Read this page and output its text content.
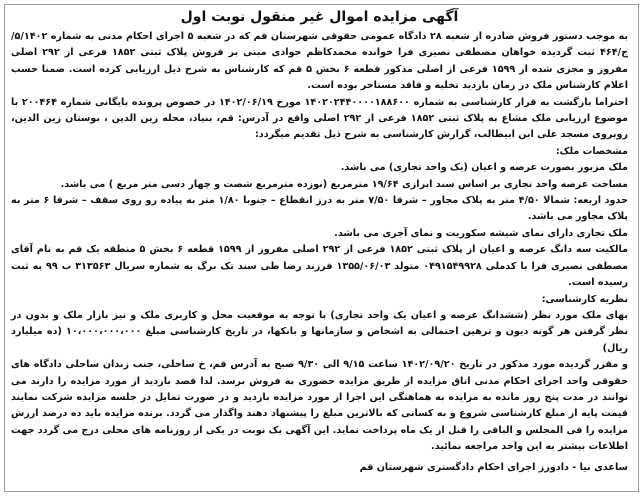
آگهی مزایده اموال غیر منقول نوبت اول

به موجب دستور فروش صادره از شعبه ۲۸ دادگاه عمومی حقوقی شهرستان قم که در شعبه ۵ اجرای احکام مدنی به شماره ۵/۱۴۰۲/ج/۴۶۴ ثبت گردیده خواهان مصطفی نصیری فرا خوانده محمدکاظم جوادی مبنی بر فروش پلاک ثبتی ۱۸۵۲ فرعی از ۲۹۲ اصلی مفروز و مجزی شده از ۱۵۹۹ فرعی از اصلی مذکور قطعه ۶ بخش ۵ قم که کارشناس به شرح ذیل ارزیابی کرده است. ضمنا حسب اعلام کارشناس ملک در زمان بازدید تخلیه و فاقد مستاجر بوده است.

احتراما بازگشت به قرار کارشناسی به شماره ۱۴۰۲۰۲۴۴۰۰۰۰۱۸۸۶۰۰ مورخ ۱۴۰۲/۰۶/۱۹ در خصوص پرونده بایگانی شماره ۲۰۰۴۶۴ با موضوع ارزیابی ملک مشاع به پلاک ثبتی ۱۸۵۲ فرعی از ۲۹۲ اصلی واقع در آدرس: قم، بنیاد، محله زین الدین ، بوستان زین الدین، روبروی مسجد علی ابن ابیطالب، گزارش کارشناسی به شرح ذیل تقدیم میگردد:

مشخصات ملک:

ملک مزبور بصورت عرصه و اعیان (یک واحد تجاری) می باشد.

مساحت عرصه واحد تجاری بر اساس سند ابرازی ۱۹/۶۴ مترمربع (نوزده مترمربع شصت و چهار دسی متر مربع ) می باشد.

حدود اربعه: شمالا ۴/۵۰ متر به پلاک مجاور – شرقا ۷/۵۰ متر به درز انقطاع – جنوبا ۱/۸۰ متر به پیاده رو روی سقف – شرقا ۶ متر به پلاک مجاور می باشد.

ملک تجاری دارای نمای شیشه سکوریت و نمای آجری می باشد.

مالکیت سه دانگ عرصه و اعیان از پلاک ثبتی ۱۸۵۲ فرعی از ۲۹۲ اصلی مفروز از ۱۵۹۹ قطعه ۶ بخش ۵ منطقه یک قم به نام آقای مصطفی نصیری فرا با کدملی ۰۴۹۱۵۴۹۹۲۸ متولد ۱۳۵۵/۰۶/۰۳ فرزند رضا طی سند تک برگ به شماره سریال ۳۱۳۵۶۳ ب ۹۹ به ثبت رسیده است.

نظریه کارشناسی:

بهای ملک مورد نظر (ششدانگ عرصه و اعیان یک واحد تجاری) با توجه به موقعیت محل و کاربری ملک و نیز بازار ملک و بدون در نظر گرفتن هر گونه دیون و ترهین احتمالی به اشخاص و سازمانها و بانکها، در تاریخ کارشناسی مبلغ ۱۰،۰۰۰،۰۰۰،۰۰۰ (ده میلیارد ریال)

و مقرر گردیده مورد مذکور در تاریخ ۱۴۰۲/۰۹/۲۰ ساعت ۹/۱۵ الی ۹/۳۰ صبح به آدرس قم، خ ساحلی، جنب زندان ساحلی دادگاه های حقوقی واحد اجرای احکام مدنی اتاق مزایده از طریق مزایده حضوری به فروش برسد. لذا قصد بازدید از مورد مزایده را دارند می توانند در مدت پنج روز مانده به مزایده به هماهنگی این اجرا از مورد مزایده بازدید و در صورت تمایل در جلسه مزایده شرکت نمایند قیمت پایه از مبلغ کارشناسی شروع و به کسانی که بالاترین مبلغ را پیشنهاد دهند واگذار می گردد. برنده مزایده باید ده درصد ارزش مزایده را فی المجلس و الباقی را قبل از یک ماه پرداخت نماید. این آگهی یک نوبت در یکی از روزنامه های محلی درج می گردد جهت اطلاعات بیشتر به این واحد مراجعه نمائید.

ساعدی نیا - دادورز اجرای احکام دادگستری شهرستان قم
